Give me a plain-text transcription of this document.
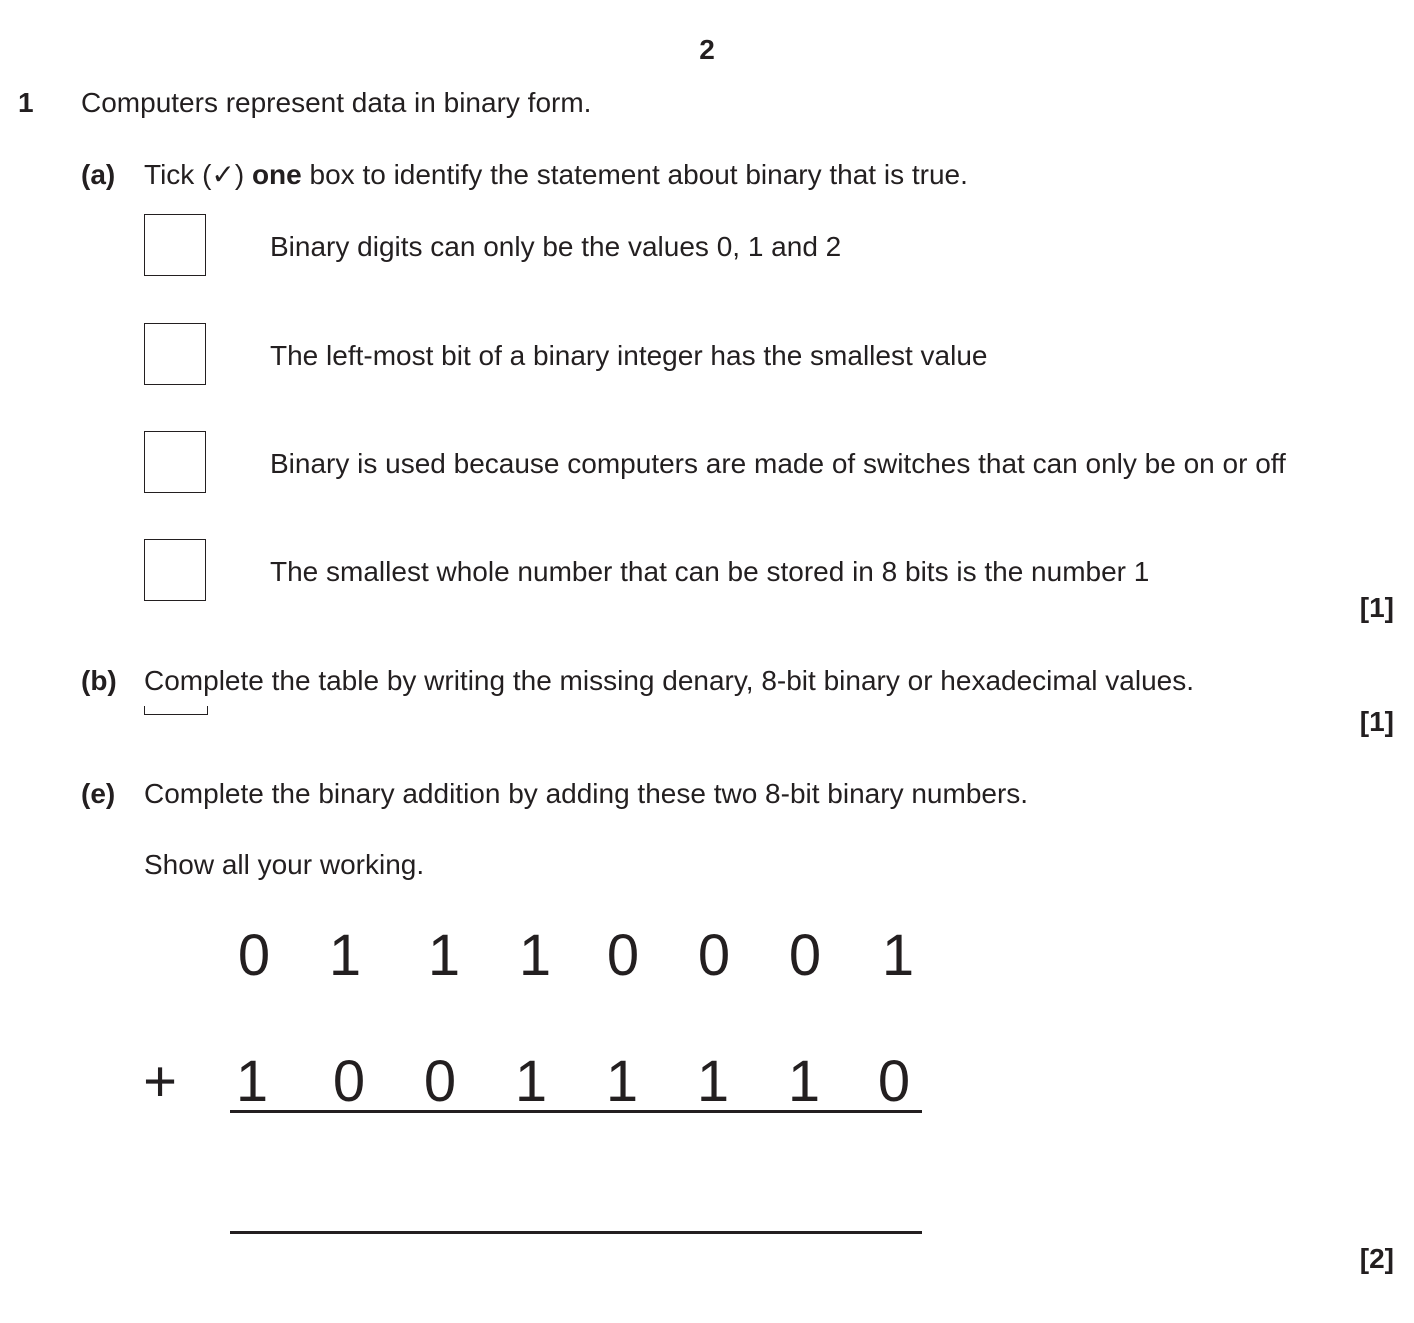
2
1 Computers represent data in binary form.
(a) Tick (✓) one box to identify the statement about binary that is true.
Binary digits can only be the values 0, 1 and 2
The left-most bit of a binary integer has the smallest value
Binary is used because computers are made of switches that can only be on or off
The smallest whole number that can be stored in 8 bits is the number 1
[1]
(b) Complete the table by writing the missing denary, 8-bit binary or hexadecimal values.
[1]
(e) Complete the binary addition by adding these two 8-bit binary numbers.
Show all your working.
0 1 1 1 0 0 0 1
+ 1 0 0 1 1 1 1 0
[2]
